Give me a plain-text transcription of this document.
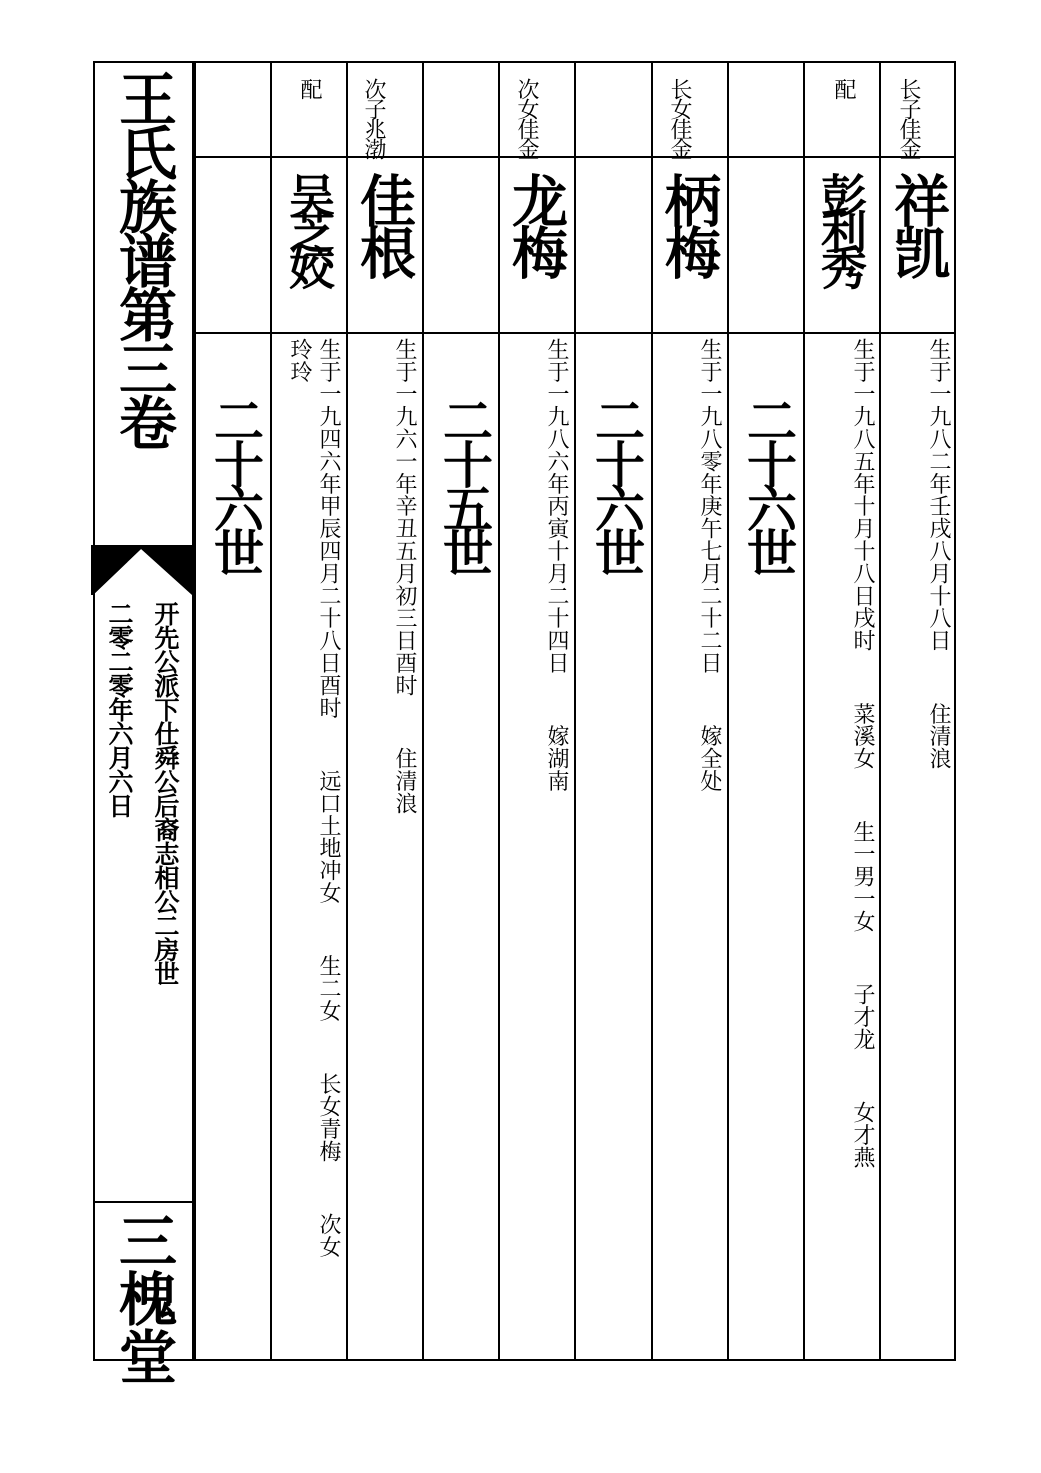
王氏族谱第三卷
开先公派下仕舜公后裔志相公二房世
二零二零年六月六日
三槐堂
长子佳金
祥凯
生于一九八二年壬戌八月十八日  住清浪
配
彭利秀
生于一九八五年十月十八日戌时  菜溪女  生一男一女  子才龙  女才燕
二十六世
长女佳金
柄梅
生于一九八零年庚午七月二十二日  嫁全处
二十六世
次女佳金
龙梅
生于一九八六年丙寅十月二十四日  嫁湖南
二十五世
次子兆渤
佳根
生于一九六一年辛丑五月初三日酉时  住清浪
配
吴芝姣
生于一九四六年甲辰四月二十八日酉时  远口土地冲女  生二女  长女青梅  次女
玲玲
二十六世
